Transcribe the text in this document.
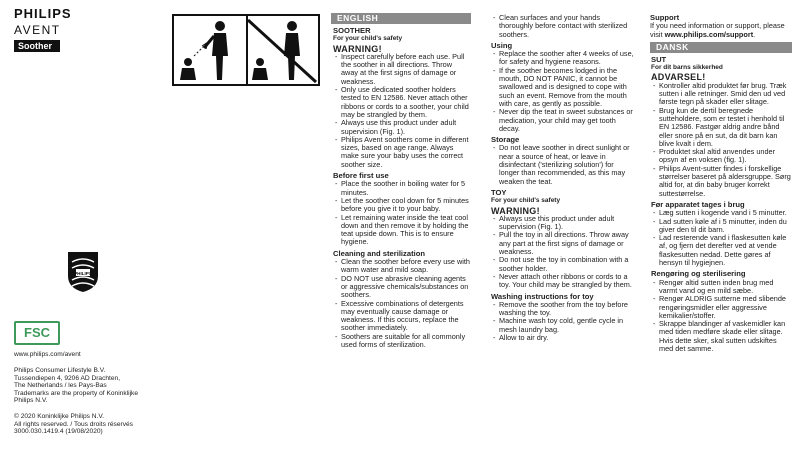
PHILIPS
AVENT
Soother
PHILIPS
FSC
www.philips.com/avent
Philips Consumer Lifestyle B.V.
Tussendiepen 4, 9206 AD Drachten,
The Netherlands / les Pays-Bas
Trademarks are the property of Koninklijke
Philips N.V.
© 2020 Koninklijke Philips N.V.
All rights reserved. / Tous droits réservés
3000.030.1419.4 (19/08/2020)
ENGLISH
SOOTHER
For your child's safety
WARNING!
- Inspect carefully before each use. Pull the soother in all directions. Throw away at the first signs of damage or weakness.
- Only use dedicated soother holders tested to EN 12586. Never attach other ribbons or cords to a soother, your child may be strangled by them.
- Always use this product under adult supervision (Fig. 1).
- Philips Avent soothers come in different sizes, based on age range. Always make sure your baby uses the correct soother size.
Before first use
- Place the soother in boiling water for 5 minutes.
- Let the soother cool down for 5 minutes before you give it to your baby.
- Let remaining water inside the teat cool down and then remove it by holding the teat upside down. This is to ensure hygiene.
Cleaning and sterilization
- Clean the soother before every use with warm water and mild soap.
- DO NOT use abrasive cleaning agents or aggressive chemicals/substances on soothers.
- Excessive combinations of detergents may eventually cause damage or weakness. If this occurs, replace the soother immediately.
- Soothers are suitable for all commonly used forms of sterilization.
- Clean surfaces and your hands thoroughly before contact with sterilized soothers.
Using
- Replace the soother after 4 weeks of use, for safety and hygiene reasons.
- If the soother becomes lodged in the mouth, DO NOT PANIC, it cannot be swallowed and is designed to cope with such an event. Remove from the mouth with care, as gently as possible.
- Never dip the teat in sweet substances or medication, your child may get tooth decay.
Storage
- Do not leave soother in direct sunlight or near a source of heat, or leave in disinfectant ('sterilizing solution') for longer than recommended, as this may weaken the teat.
TOY
For your child's safety
WARNING!
- Always use this product under adult supervision (Fig. 1).
- Pull the toy in all directions. Throw away any part at the first signs of damage or weakness.
- Do not use the toy in combination with a soother holder.
- Never attach other ribbons or cords to a toy. Your child may be strangled by them.
Washing instructions for toy
- Remove the soother from the toy before washing the toy.
- Machine wash toy cold, gentle cycle in mesh laundry bag.
- Allow to air dry.
Support
If you need information or support, please visit www.philips.com/support.
DANSK
SUT
For dit barns sikkerhed
ADVARSEL!
- Kontroller altid produktet før brug. Træk sutten i alle retninger. Smid den ud ved første tegn på skader eller slitage.
- Brug kun de dertil beregnede sutteholdere, som er testet i henhold til EN 12586. Fastgør aldrig andre bånd eller snore på en sut, da dit barn kan blive kvalt i dem.
- Produktet skal altid anvendes under opsyn af en voksen (fig. 1).
- Philips Avent-sutter findes i forskellige størrelser baseret på aldersgruppe. Sørg altid for, at din baby bruger korrekt suttestørrelse.
Før apparatet tages i brug
- Læg sutten i kogende vand i 5 minutter.
- Lad sutten køle af i 5 minutter, inden du giver den til dit barn.
- Lad resterende vand i flaskesutten køle af, og fjern det derefter ved at vende flaskesutten nedad. Dette gøres af hensyn til hygiejnen.
Rengøring og sterilisering
- Rengør altid sutten inden brug med varmt vand og en mild sæbe.
- Rengør ALDRIG sutterne med slibende rengøringsmidler eller aggressive kemikalier/stoffer.
- Skrappe blandinger af vaskemidler kan med tiden medføre skade eller slitage. Hvis dette sker, skal sutten udskiftes med det samme.
